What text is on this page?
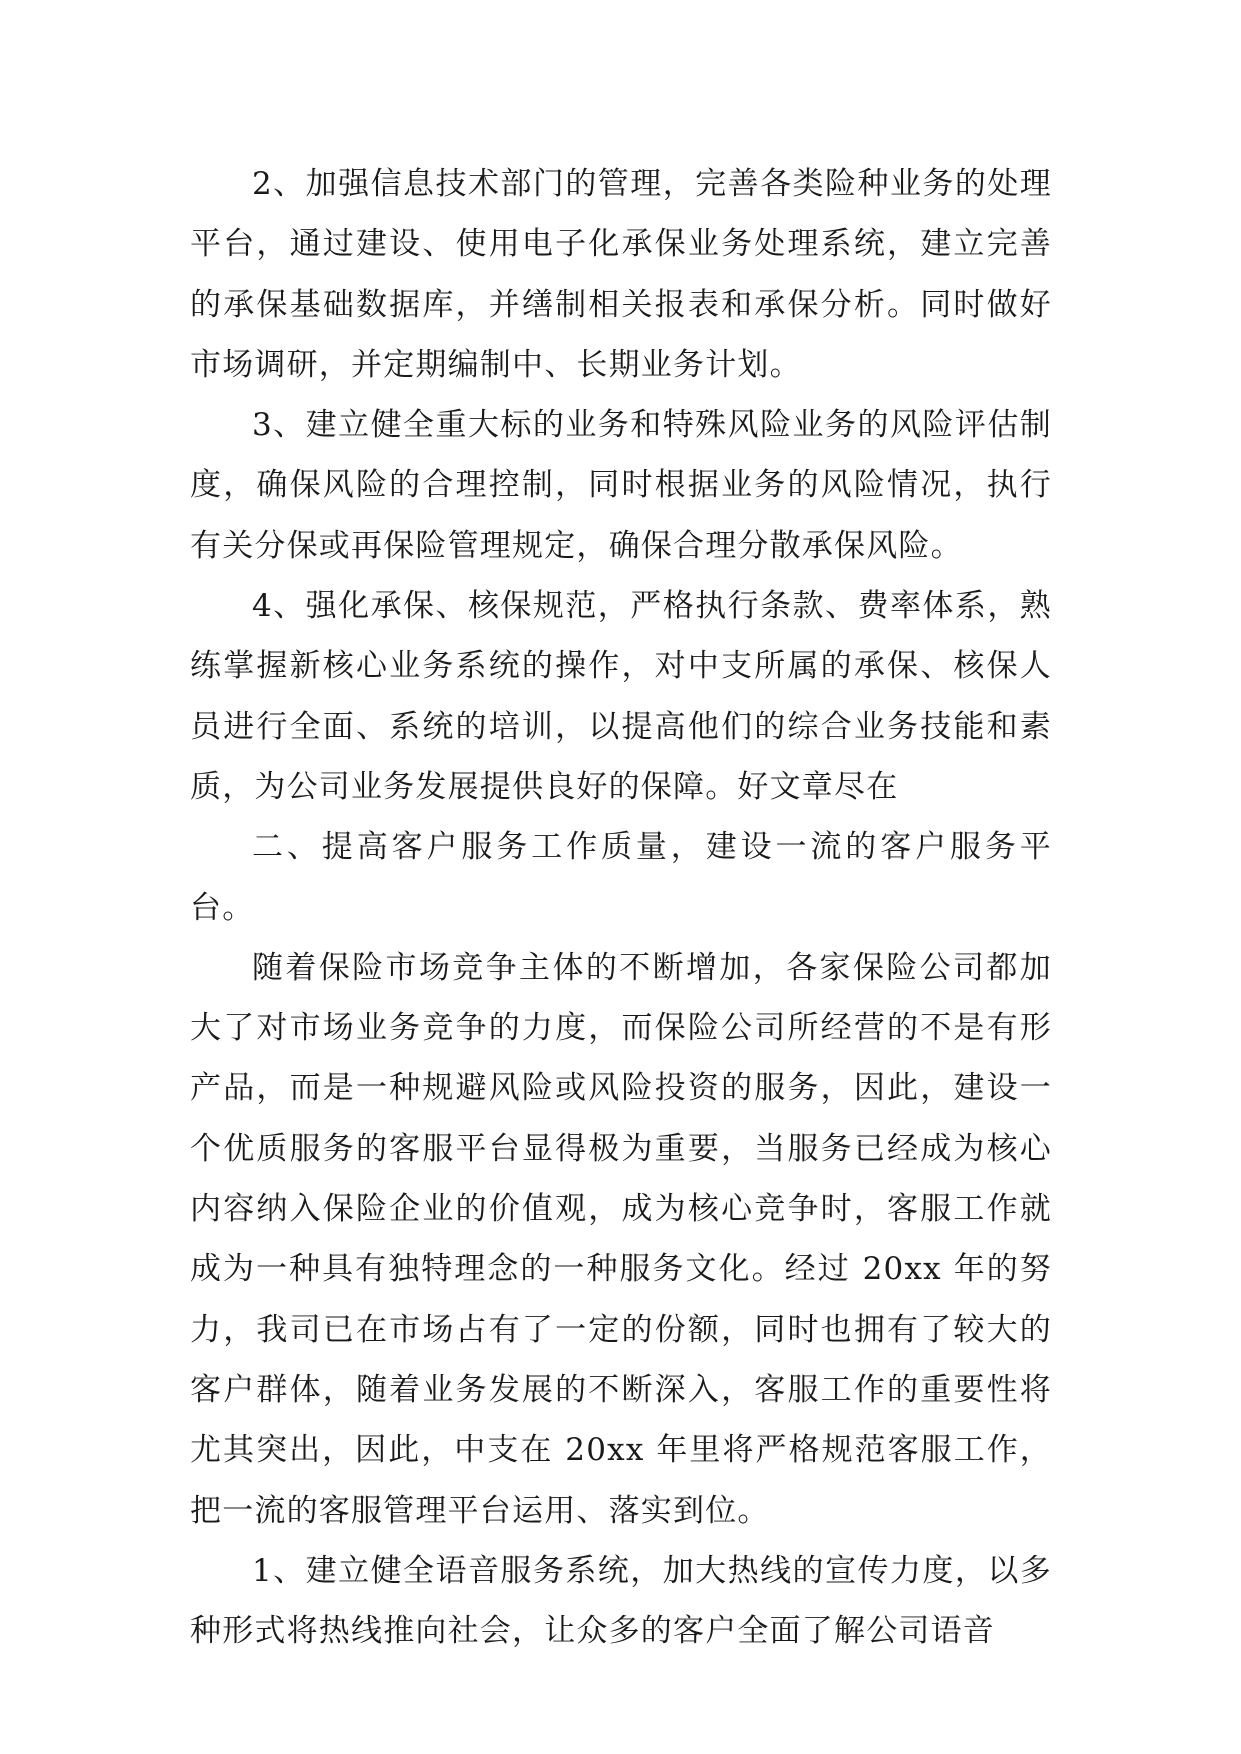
2、加强信息技术部门的管理，完善各类险种业务的处理平台，通过建设、使用电子化承保业务处理系统，建立完善的承保基础数据库，并缮制相关报表和承保分析。同时做好市场调研，并定期编制中、长期业务计划。

3、建立健全重大标的业务和特殊风险业务的风险评估制度，确保风险的合理控制，同时根据业务的风险情况，执行有关分保或再保险管理规定，确保合理分散承保风险。

4、强化承保、核保规范，严格执行条款、费率体系，熟练掌握新核心业务系统的操作，对中支所属的承保、核保人员进行全面、系统的培训，以提高他们的综合业务技能和素质，为公司业务发展提供良好的保障。好文章尽在

二、提高客户服务工作质量，建设一流的客户服务平台。

随着保险市场竞争主体的不断增加，各家保险公司都加大了对市场业务竞争的力度，而保险公司所经营的不是有形产品，而是一种规避风险或风险投资的服务，因此，建设一个优质服务的客服平台显得极为重要，当服务已经成为核心内容纳入保险企业的价值观，成为核心竞争时，客服工作就成为一种具有独特理念的一种服务文化。经过 20xx 年的努力，我司已在市场占有了一定的份额，同时也拥有了较大的客户群体，随着业务发展的不断深入，客服工作的重要性将尤其突出，因此，中支在 20xx 年里将严格规范客服工作，把一流的客服管理平台运用、落实到位。

1、建立健全语音服务系统，加大热线的宣传力度，以多种形式将热线推向社会，让众多的客户全面了解公司语音
